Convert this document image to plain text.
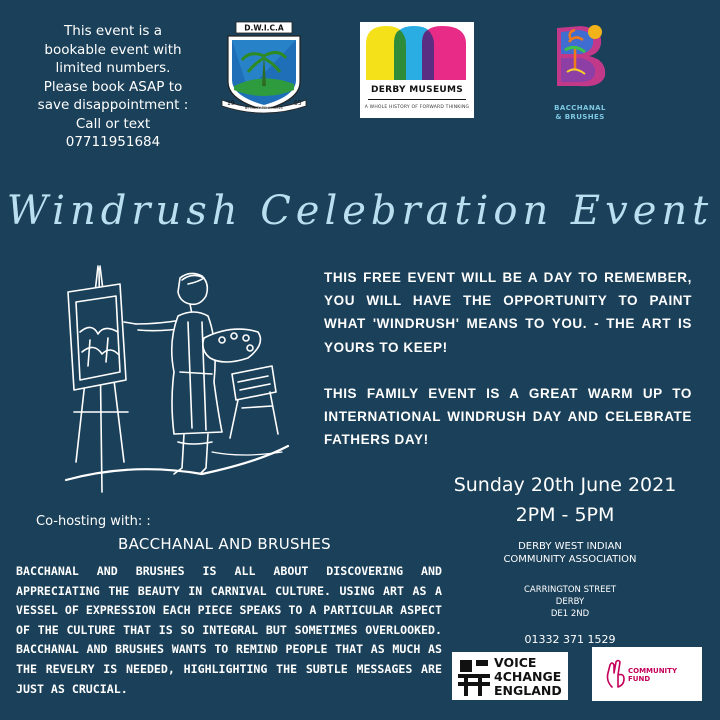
This event is a
bookable event with
limited numbers.
Please book ASAP to
save disappointment :
Call or text
07711951684
D.W.I.C.A
19	55
BY UNITY TO ACHIEVE
DERBY MUSEUMS
A WHOLE HISTORY OF FORWARD THINKING	BACCHANAL
& BRUSHES
Windrush Celebration Event

THIS FREE EVENT WILL BE A DAY TO REMEMBER, YOU WILL HAVE THE OPPORTUNITY TO PAINT WHAT 'WINDRUSH' MEANS TO YOU. - THE ART IS YOURS TO KEEP!

THIS FAMILY EVENT IS A GREAT WARM UP TO INTERNATIONAL WINDRUSH DAY AND CELEBRATE FATHERS DAY!

Sunday 20th June 2021
2PM - 5PM
DERBY WEST INDIAN
COMMUNITY ASSOCIATION
CARRINGTON STREET
DERBY
DE1 2ND
01332 371 1529
Co-hosting with: :
BACCHANAL AND BRUSHES
BACCHANAL AND BRUSHES IS ALL ABOUT DISCOVERING AND APPRECIATING THE BEAUTY IN CARNIVAL CULTURE. USING ART AS A VESSEL OF EXPRESSION EACH PIECE SPEAKS TO A PARTICULAR ASPECT OF THE CULTURE THAT IS SO INTEGRAL BUT SOMETIMES OVERLOOKED. BACCHANAL AND BRUSHES WANTS TO REMIND PEOPLE THAT AS MUCH AS THE REVELRY IS NEEDED, HIGHLIGHTING THE SUBTLE MESSAGES ARE JUST AS CRUCIAL.
VOICE
4CHANGE
ENGLAND
COMMUNITY
FUND
